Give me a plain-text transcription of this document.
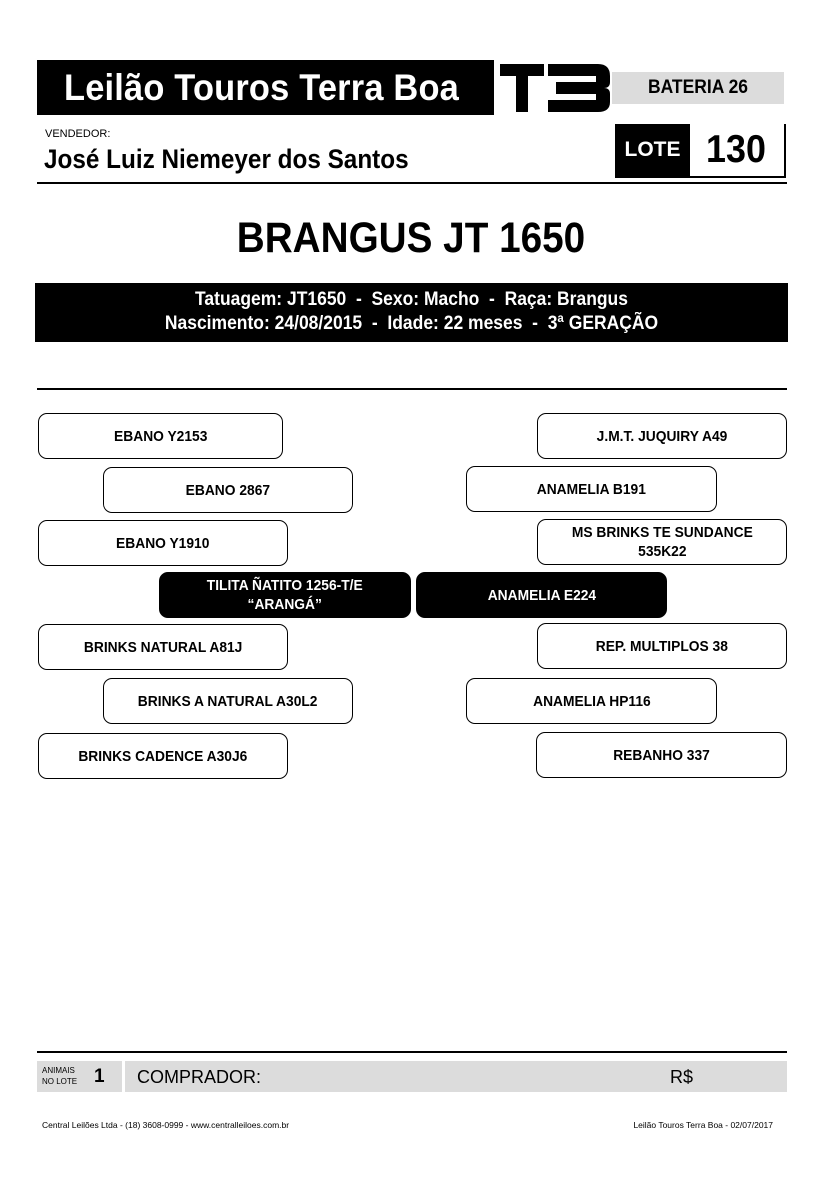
Leilão Touros Terra Boa	BATERIA 26
VENDEDOR:
José Luiz Niemeyer dos Santos	LOTE 130
BRANGUS JT 1650
Tatuagem: JT1650  -  Sexo: Macho  -  Raça: Brangus
Nascimento: 24/08/2015  -  Idade: 22 meses  -  3ª GERAÇÃO
EBANO Y2153
EBANO 2867
EBANO Y1910
TILITA ÑATITO 1256-T/E
“ARANGÁ”
BRINKS NATURAL A81J
BRINKS A NATURAL A30L2
BRINKS CADENCE A30J6
J.M.T. JUQUIRY A49
ANAMELIA B191
MS BRINKS TE SUNDANCE
535K22
ANAMELIA E224
REP. MULTIPLOS 38
ANAMELIA HP116
REBANHO 337
ANIMAIS
NO LOTE 1 COMPRADOR:	R$
Central Leilões Ltda - (18) 3608-0999 - www.centralleiloes.com.br	Leilão Touros Terra Boa - 02/07/2017
